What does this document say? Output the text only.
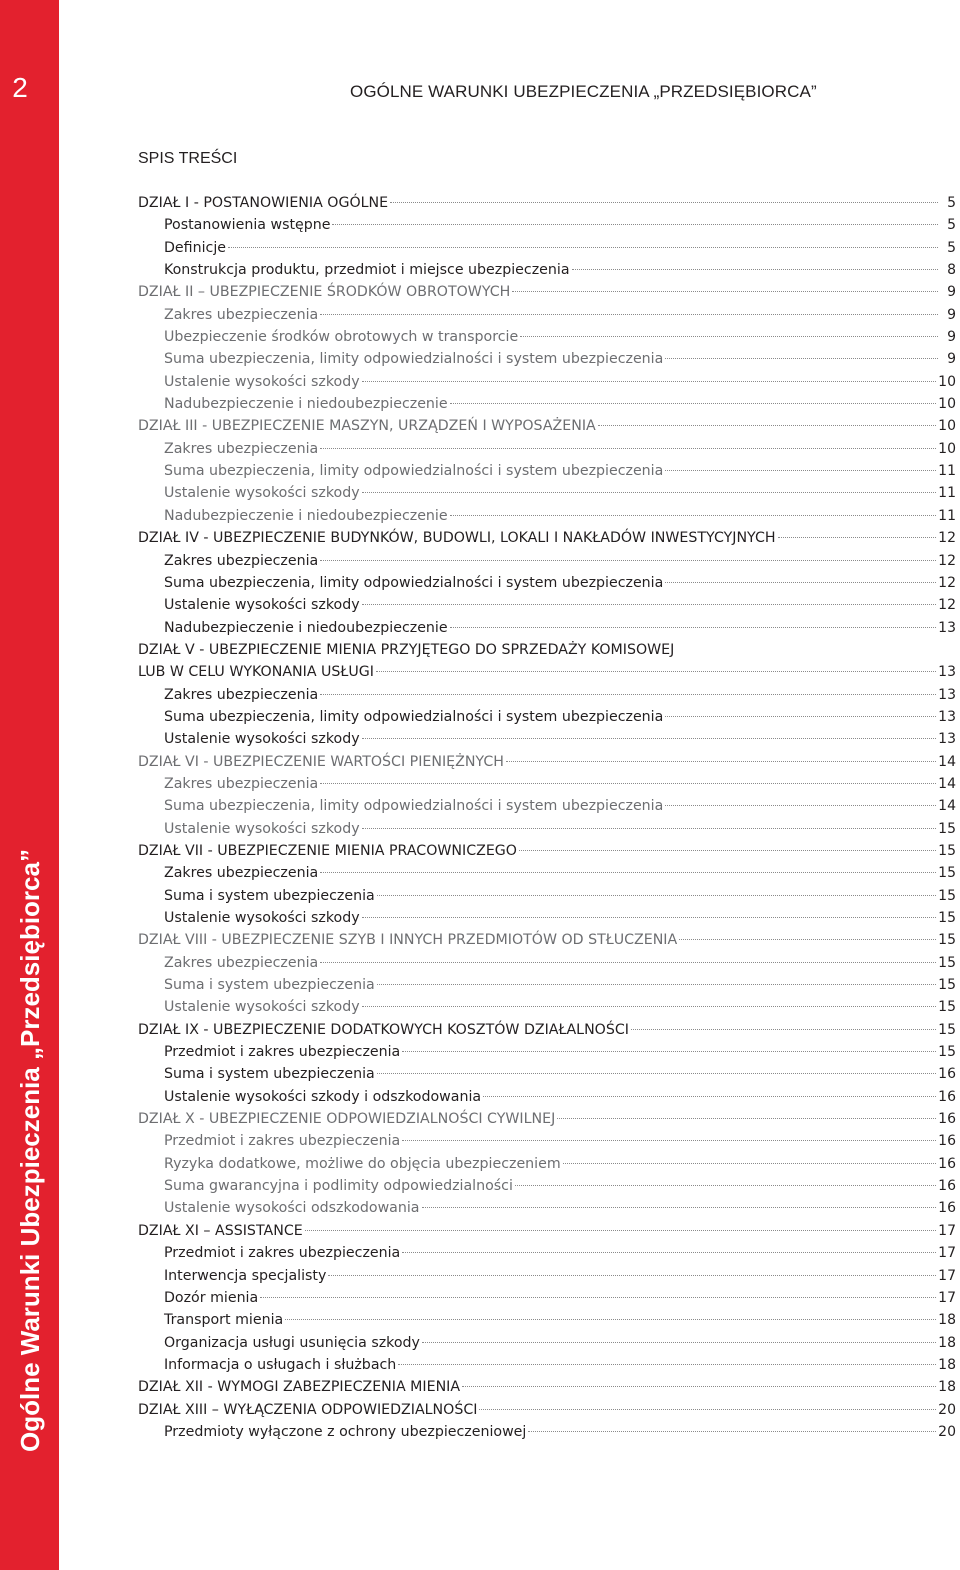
2
Ogólne Warunki Ubezpieczenia „Przedsiębiorca”
OGÓLNE WARUNKI UBEZPIECZENIA „PRZEDSIĘBIORCA”
SPIS TREŚCI
DZIAŁ I - POSTANOWIENIA OGÓLNE	5
Postanowienia wstępne	5
Definicje	5
Konstrukcja produktu, przedmiot i miejsce ubezpieczenia	8
DZIAŁ II – UBEZPIECZENIE ŚRODKÓW OBROTOWYCH	9
Zakres ubezpieczenia	9
Ubezpieczenie środków obrotowych w transporcie	9
Suma ubezpieczenia, limity odpowiedzialności i system ubezpieczenia	9
Ustalenie wysokości szkody	10
Nadubezpieczenie i niedoubezpieczenie	10
DZIAŁ III - UBEZPIECZENIE MASZYN, URZĄDZEŃ I WYPOSAŻENIA	10
Zakres ubezpieczenia	10
Suma ubezpieczenia, limity odpowiedzialności i system ubezpieczenia	11
Ustalenie wysokości szkody	11
Nadubezpieczenie i niedoubezpieczenie	11
DZIAŁ IV - UBEZPIECZENIE BUDYNKÓW, BUDOWLI, LOKALI I NAKŁADÓW INWESTYCYJNYCH	12
Zakres ubezpieczenia	12
Suma ubezpieczenia, limity odpowiedzialności i system ubezpieczenia	12
Ustalenie wysokości szkody	12
Nadubezpieczenie i niedoubezpieczenie	13
DZIAŁ V - UBEZPIECZENIE MIENIA PRZYJĘTEGO DO SPRZEDAŻY KOMISOWEJ
LUB W CELU WYKONANIA USŁUGI	13
Zakres ubezpieczenia	13
Suma ubezpieczenia, limity odpowiedzialności i system ubezpieczenia	13
Ustalenie wysokości szkody	13
DZIAŁ VI - UBEZPIECZENIE WARTOŚCI PIENIĘŻNYCH	14
Zakres ubezpieczenia	14
Suma ubezpieczenia, limity odpowiedzialności i system ubezpieczenia	14
Ustalenie wysokości szkody	15
DZIAŁ VII - UBEZPIECZENIE MIENIA PRACOWNICZEGO	15
Zakres ubezpieczenia	15
Suma i system ubezpieczenia	15
Ustalenie wysokości szkody	15
DZIAŁ VIII - UBEZPIECZENIE SZYB I INNYCH PRZEDMIOTÓW OD STŁUCZENIA	15
Zakres ubezpieczenia	15
Suma i system ubezpieczenia	15
Ustalenie wysokości szkody	15
DZIAŁ IX - UBEZPIECZENIE DODATKOWYCH KOSZTÓW DZIAŁALNOŚCI	15
Przedmiot i zakres ubezpieczenia	15
Suma i system ubezpieczenia	16
Ustalenie wysokości szkody i odszkodowania	16
DZIAŁ X - UBEZPIECZENIE ODPOWIEDZIALNOŚCI CYWILNEJ	16
Przedmiot i zakres ubezpieczenia	16
Ryzyka dodatkowe, możliwe do objęcia ubezpieczeniem	16
Suma gwarancyjna i podlimity odpowiedzialności	16
Ustalenie wysokości odszkodowania	16
DZIAŁ XI – ASSISTANCE	17
Przedmiot i zakres ubezpieczenia	17
Interwencja specjalisty	17
Dozór mienia	17
Transport mienia	18
Organizacja usługi usunięcia szkody	18
Informacja o usługach i służbach	18
DZIAŁ XII - WYMOGI ZABEZPIECZENIA MIENIA	18
DZIAŁ XIII – WYŁĄCZENIA ODPOWIEDZIALNOŚCI	20
Przedmioty wyłączone z ochrony ubezpieczeniowej	20
